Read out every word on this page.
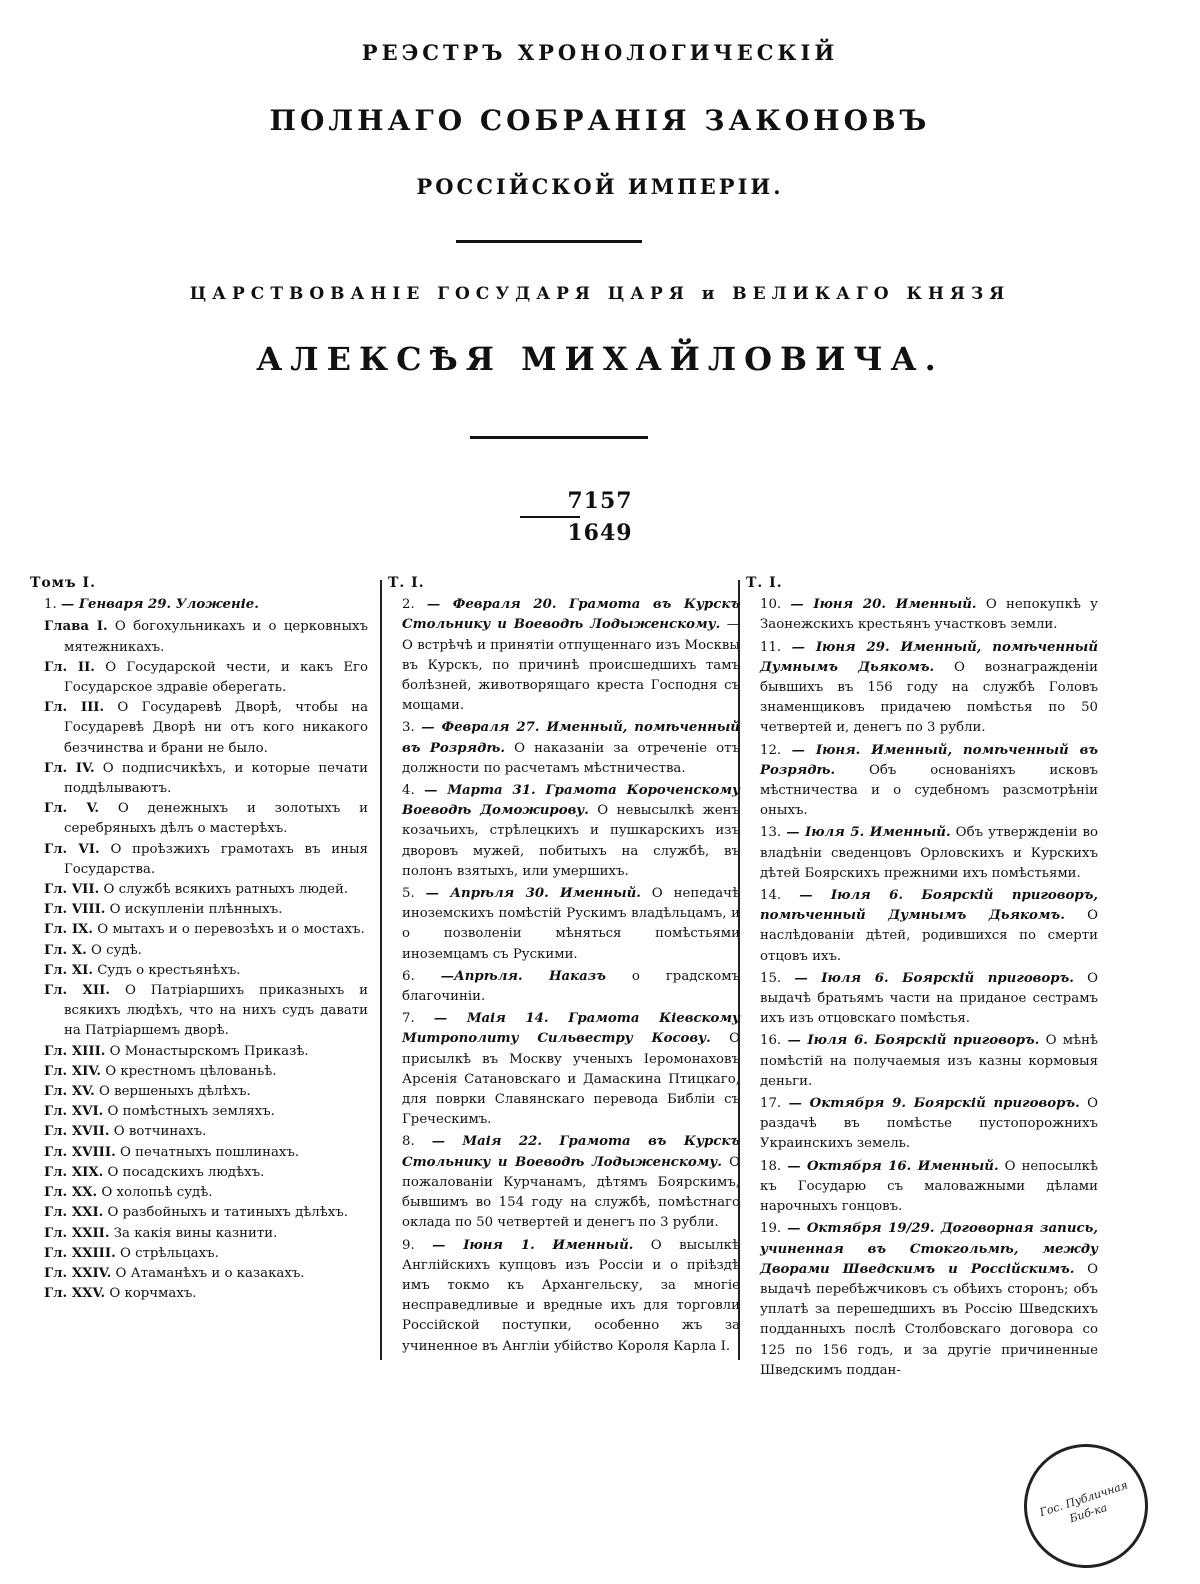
РЕЭСТРЪ ХРОНОЛОГИЧЕСКІЙ
ПОЛНАГО СОБРАНІЯ ЗАКОНОВЪ
РОССІЙСКОЙ ИМПЕРІИ.
ЦАРСТВОВАНІЕ ГОСУДАРЯ ЦАРЯ и ВЕЛИКАГО КНЯЗЯ
АЛЕКСѢЯ МИХАЙЛОВИЧА.
7157
1649
Томъ I.
1. — Генваря 29. Уложеніе.
Глава I. О богохульникахъ и о церковныхъ мятежникахъ.
Гл. II. О Государской чести, и какъ Его Государское здравіе оберегать.
Гл. III. О Государевѣ Дворѣ, чтобы на Государевѣ Дворѣ ни отъ кого никакого безчинства и брани не было.
Гл. IV. О подписчикѣхъ, и которые печати поддѣлываютъ.
Гл. V. О денежныхъ и золотыхъ и серебряныхъ дѣлъ о мастерѣхъ.
Гл. VI. О проѣзжихъ грамотахъ въ иныя Государства.
Гл. VII. О службѣ всякихъ ратныхъ людей.
Гл. VIII. О искупленіи плѣнныхъ.
Гл. IX. О мытахъ и о перевозѣхъ и о мостахъ.
Гл. X. О судѣ.
Гл. XI. Судъ о крестьянѣхъ.
Гл. XII. О Патріаршихъ приказныхъ и всякихъ людѣхъ, что на нихъ судъ давати на Патріаршемъ дворѣ.
Гл. XIII. О Монастырскомъ Приказѣ.
Гл. XIV. О крестномъ цѣлованьѣ.
Гл. XV. О вершеныхъ дѣлѣхъ.
Гл. XVI. О помѣстныхъ земляхъ.
Гл. XVII. О вотчинахъ.
Гл. XVIII. О печатныхъ пошлинахъ.
Гл. XIX. О посадскихъ людѣхъ.
Гл. XX. О холопьѣ судѣ.
Гл. XXI. О разбойныхъ и татиныхъ дѣлѣхъ.
Гл. XXII. За какія вины казнити.
Гл. XXIII. О стрѣльцахъ.
Гл. XXIV. О Атаманѣхъ и о казакахъ.
Гл. XXV. О корчмахъ.
Т. I.
2. — Февраля 20. Грамота въ Курскъ Стольнику и Воеводѣ Лодыженскому. — О встрѣчѣ и принятіи отпущеннаго изъ Москвы въ Курскъ, по причинѣ происшедшихъ тамъ болѣзней, животворящаго креста Господня съ мощами.
3. — Февраля 27. Именный, помѣченный въ Розрядѣ. О наказаніи за отреченіе отъ должности по расчетамъ мѣстничества.
4. — Марта 31. Грамота Короченскому Воеводѣ Доможирову. О невысылкѣ женъ козачьихъ, стрѣлецкихъ и пушкарскихъ изъ дворовъ мужей, побитыхъ на службѣ, въ полонъ взятыхъ, или умершихъ.
5. — Апрѣля 30. Именный. О непедачѣ иноземскихъ помѣстій Рускимъ владѣльцамъ, и о позволеніи мѣняться помѣстьями иноземцамъ съ Рускими.
6. —Апрѣля. Наказъ о градскомъ благочиніи.
7. — Маія 14. Грамота Кіевскому Митрополиту Сильвестру Косову. О присылкѣ въ Москву ученыхъ Іеромонаховъ Арсенія Сатановскаго и Дамаскина Птицкаго, для поврки Славянскаго перевода Библіи съ Греческимъ.
8. — Маія 22. Грамота въ Курскъ Стольнику и Воеводѣ Лодыженскому. О пожалованіи Курчанамъ, дѣтямъ Боярскимъ, бывшимъ во 154 году на службѣ, помѣстнаго оклада по 50 четвертей и денегъ по 3 рубли.
9. — Іюня 1. Именный. О высылкѣ Англійскихъ купцовъ изъ Россіи и о пріѣздѣ имъ токмо къ Архангельску, за многіе несправедливые и вредные ихъ для торговли Россійской поступки, особенно жъ за учиненное въ Англіи убійство Короля Карла I.
Т. I.
10. — Іюня 20. Именный. О непокупкѣ у Заонежскихъ крестьянъ участковъ земли.
11. — Іюня 29. Именный, помѣченный Думнымъ Дьякомъ. О вознагражденіи бывшихъ въ 156 году на службѣ Головъ знаменщиковъ придачею помѣстья по 50 четвертей и, денегъ по 3 рубли.
12. — Іюня. Именный, помѣченный въ Розрядѣ.	Объ основаніяхъ исковъ мѣстничества и о судебномъ разсмотрѣніи оныхъ.
13. — Іюля 5. Именный. Объ утвержденіи во владѣніи сведенцовъ Орловскихъ и Курскихъ дѣтей Боярскихъ прежними ихъ помѣстьями.
14. — Іюля 6. Боярскій приговоръ, помѣченный Думнымъ Дьякомъ. О наслѣдованіи дѣтей, родившихся по смерти отцовъ ихъ.
15. — Іюля 6. Боярскій приговоръ. О выдачѣ братьямъ части на приданое сестрамъ ихъ изъ отцовскаго помѣстья.
16. — Іюля 6. Боярскій приговоръ. О мѣнѣ помѣстій на получаемыя изъ казны кормовыя деньги.
17. — Октября 9. Боярскій приговоръ. О раздачѣ въ помѣстье пустопорожнихъ Украинскихъ земель.
18. — Октября 16. Именный. О непосылкѣ къ Государю съ маловажными дѣлами нарочныхъ гонцовъ.
19. — Октября 19/29. Договорная запись, учиненная въ Стокгольмѣ, между Дворами Шведскимъ и Россійскимъ. О выдачѣ перебѣжчиковъ съ обѣихъ сторонъ; объ уплатѣ за перешедшихъ въ Россію Шведскихъ подданныхъ послѣ Столбовскаго договора со 125 по 156 годъ, и за другіе причиненные Шведскимъ поддан-
Гос. Публичная Биб-ка
